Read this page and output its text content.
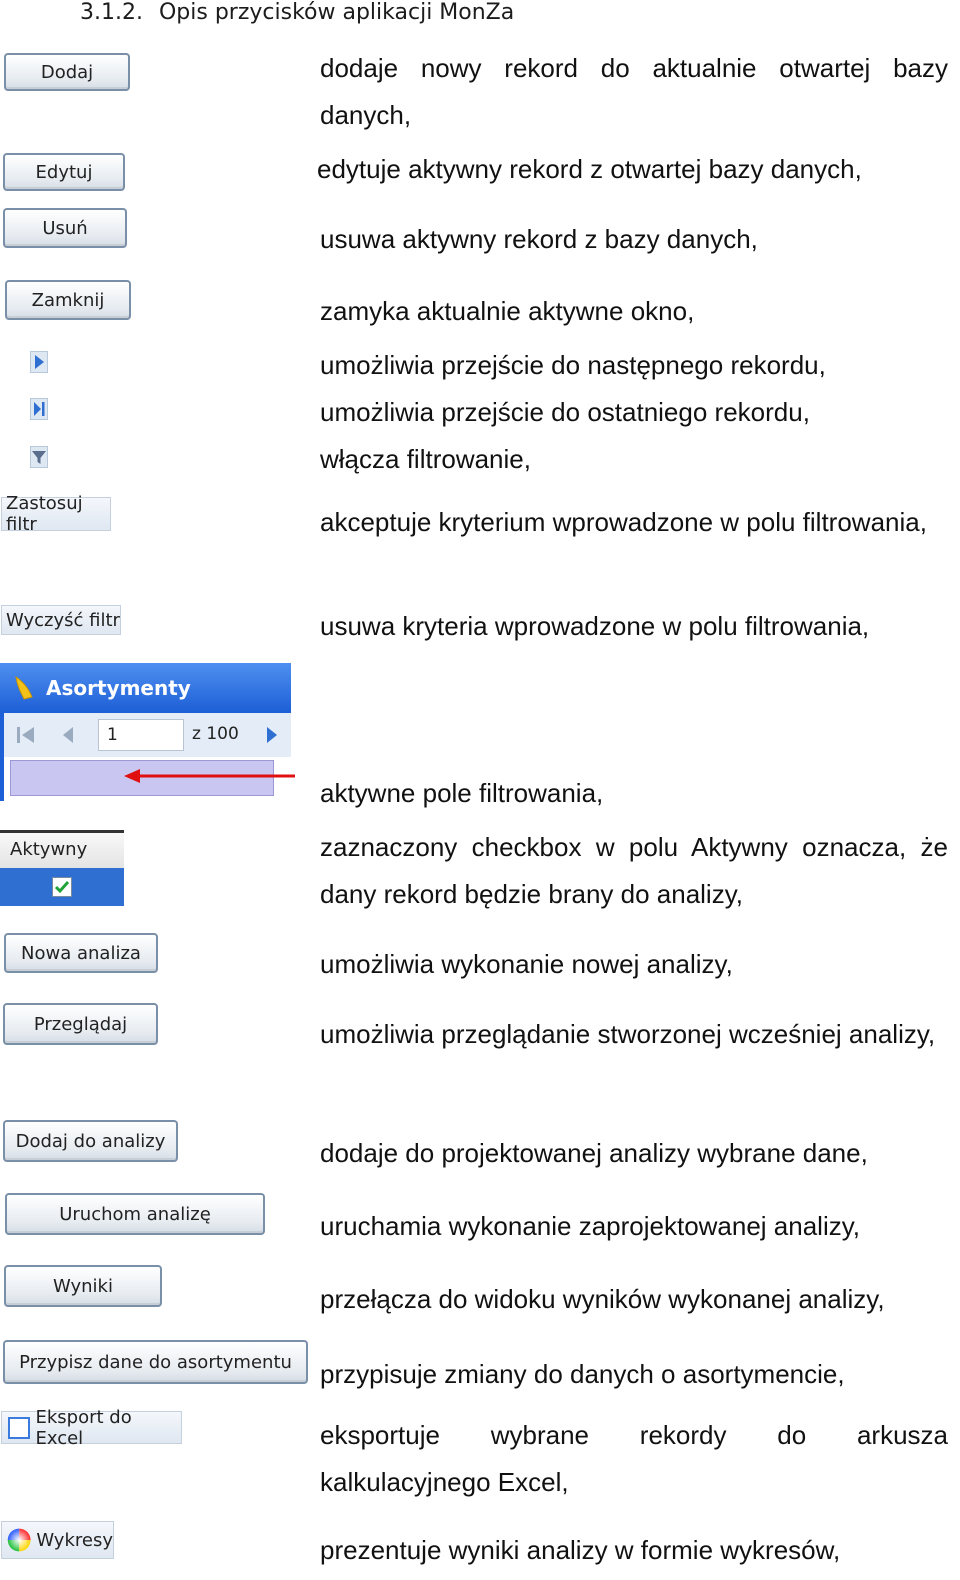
3.1.2. Opis przycisków aplikacji MonZa
Dodaj	dodaje nowy rekord do aktualnie otwartej bazy danych,
Edytuj	edytuje aktywny rekord z otwartej bazy danych,
Usuń	usuwa aktywny rekord z bazy danych,
Zamknij	zamyka aktualnie aktywne okno,
umożliwia przejście do następnego rekordu,
umożliwia przejście do ostatniego rekordu,
włącza filtrowanie,
Zastosuj filtr	akceptuje kryterium wprowadzone w polu filtrowania,
Wyczyść filtr	usuwa kryteria wprowadzone w polu filtrowania,
Asortymenty
1	z 100
aktywne pole filtrowania,
Aktywny	zaznaczony checkbox w polu Aktywny oznacza, że dany rekord będzie brany do analizy,
Nowa analiza	umożliwia wykonanie nowej analizy,
Przeglądaj	umożliwia przeglądanie stworzonej wcześniej analizy,
Dodaj do analizy	dodaje do projektowanej analizy wybrane dane,
Uruchom analizę	uruchamia wykonanie zaprojektowanej analizy,
Wyniki	przełącza do widoku wyników wykonanej analizy,
Przypisz dane do asortymentu	przypisuje zmiany do danych o asortymencie,
Eksport do Excel	eksportuje wybrane rekordy do arkusza kalkulacyjnego Excel,
Wykresy	prezentuje wyniki analizy w formie wykresów,
